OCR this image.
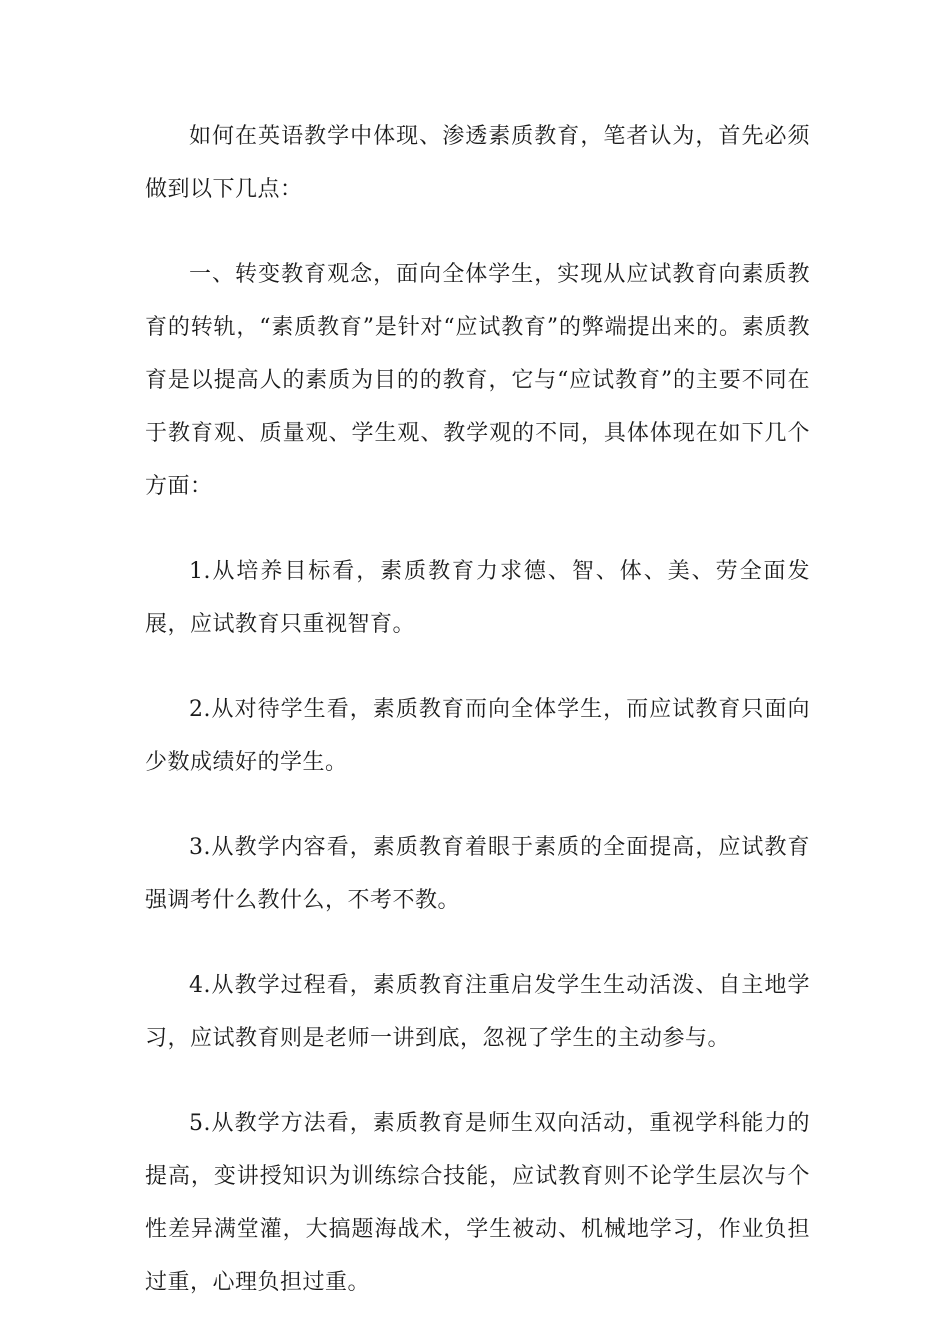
如何在英语教学中体现、渗透素质教育，笔者认为，首先必须做到以下几点：

一、转变教育观念，面向全体学生，实现从应试教育向素质教育的转轨，“素质教育”是针对“应试教育”的弊端提出来的。素质教育是以提高人的素质为目的的教育，它与“应试教育”的主要不同在于教育观、质量观、学生观、教学观的不同，具体体现在如下几个方面：

1.从培养目标看，素质教育力求德、智、体、美、劳全面发展，应试教育只重视智育。

2.从对待学生看，素质教育而向全体学生，而应试教育只面向少数成绩好的学生。

3.从教学内容看，素质教育着眼于素质的全面提高，应试教育强调考什么教什么，不考不教。

4.从教学过程看，素质教育注重启发学生生动活泼、自主地学习，应试教育则是老师一讲到底，忽视了学生的主动参与。

5.从教学方法看，素质教育是师生双向活动，重视学科能力的提高，变讲授知识为训练综合技能，应试教育则不论学生层次与个性差异满堂灌，大搞题海战术，学生被动、机械地学习，作业负担过重，心理负担过重。
